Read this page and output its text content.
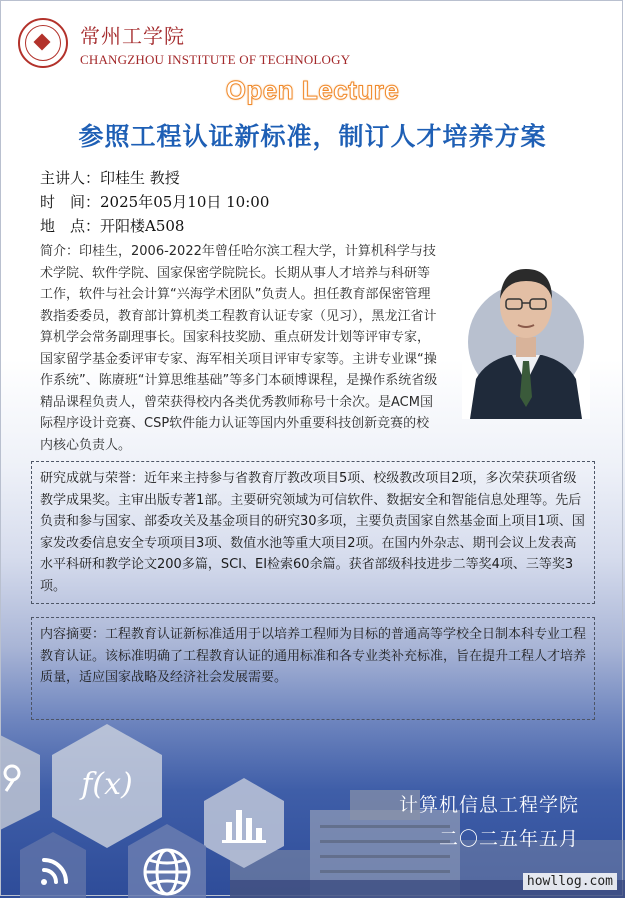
常州工学院
CHANGZHOU INSTITUTE OF TECHNOLOGY
Open Lecture
参照工程认证新标准，制订人才培养方案
主讲人：印桂生 教授
时　间：2025年05月10日 10:00
地　点：开阳楼A508
简介：印桂生，2006-2022年曾任哈尔滨工程大学，计算机科学与技术学院、软件学院、国家保密学院院长。长期从事人才培养与科研等工作，软件与社会计算“兴海学术团队”负责人。担任教育部保密管理教指委委员，教育部计算机类工程教育认证专家（见习），黑龙江省计算机学会常务副理事长。国家科技奖励、重点研发计划等评审专家，国家留学基金委评审专家、海军相关项目评审专家等。主讲专业课“操作系统”、陈赓班“计算思维基础”等多门本硕博课程，是操作系统省级精品课程负责人，曾荣获得校内各类优秀教师称号十余次。是ACM国际程序设计竞赛、CSP软件能力认证等国内外重要科技创新竞赛的校内核心负责人。
研究成就与荣誉：近年来主持参与省教育厅教改项目5项、校级教改项目2项，多次荣获项省级教学成果奖。主审出版专著1部。主要研究领域为可信软件、数据安全和智能信息处理等。先后负责和参与国家、部委攻关及基金项目的研究30多项，主要负责国家自然基金面上项目1项、国家发改委信息安全专项项目3项、数值水池等重大项目2项。在国内外杂志、期刊会议上发表高水平科研和教学论文200多篇，SCI、EI检索60余篇。获省部级科技进步二等奖4项、三等奖3项。
内容摘要：工程教育认证新标准适用于以培养工程师为目标的普通高等学校全日制本科专业工程教育认证。该标准明确了工程教育认证的通用标准和各专业类补充标准，旨在提升工程人才培养质量，适应国家战略及经济社会发展需要。
f(x)
计算机信息工程学院
二〇二五年五月
howllog.com
